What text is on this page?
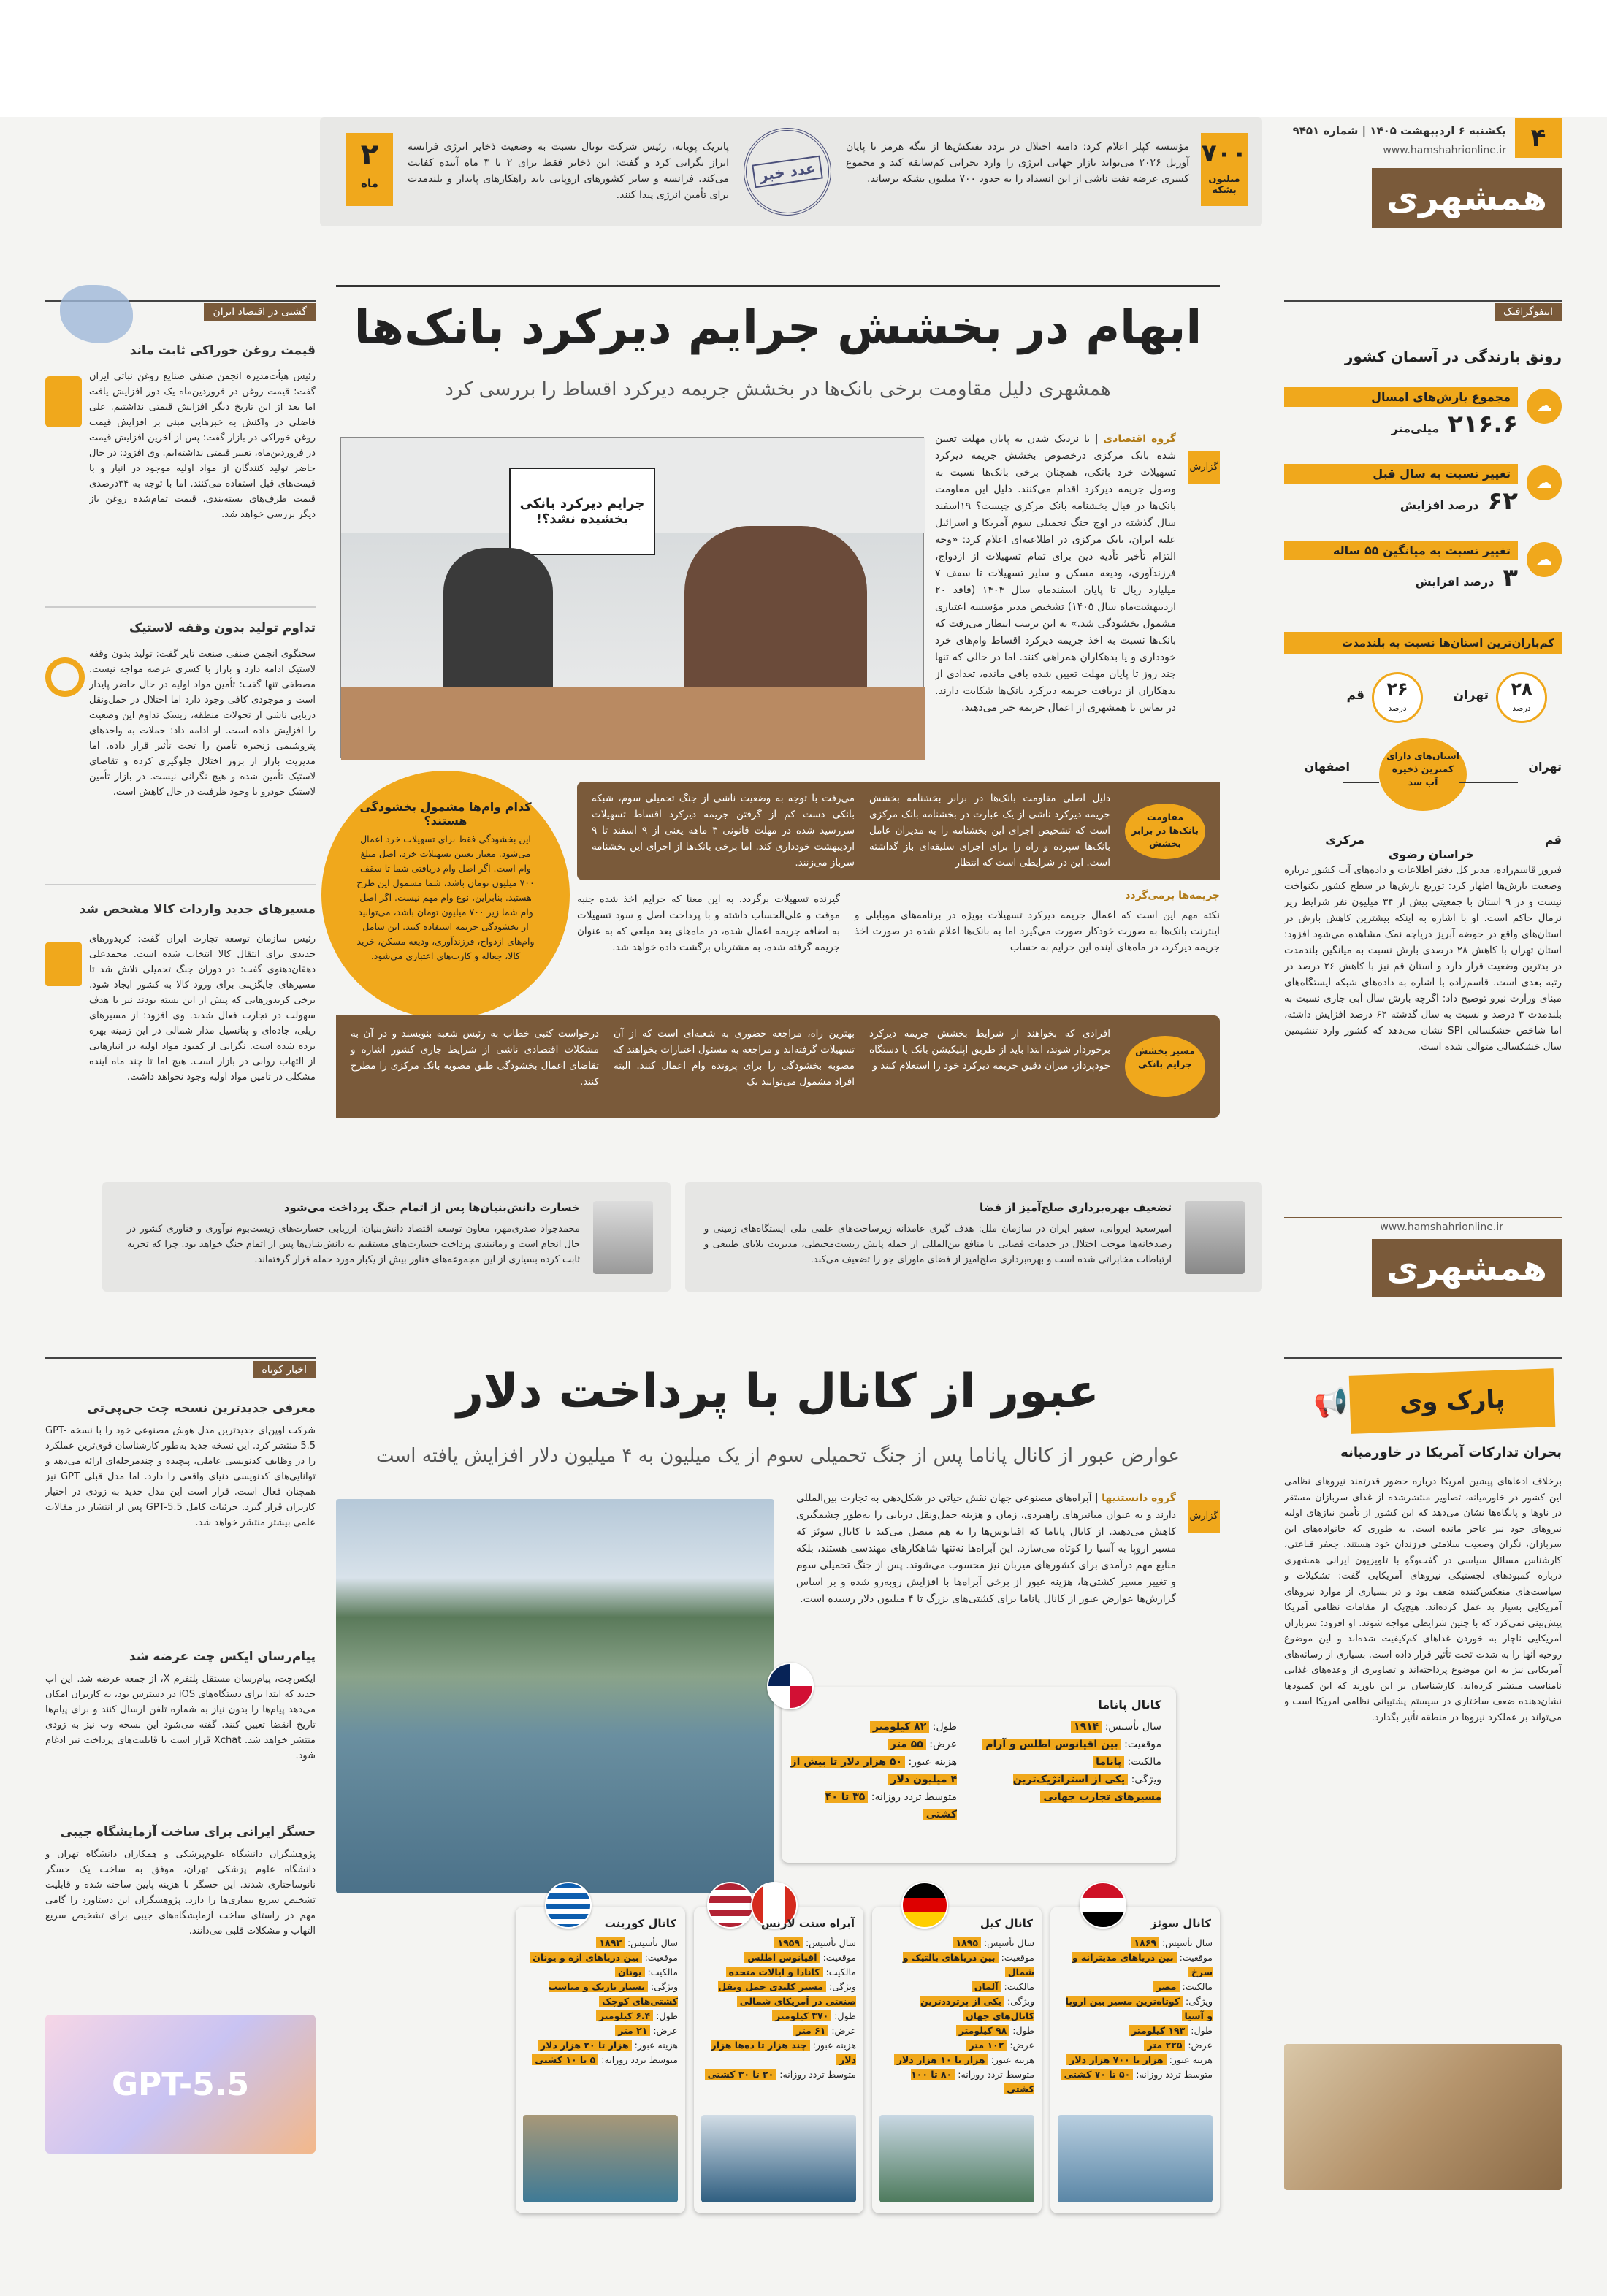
۴
یکشنبه ۶ اردیبهشت ۱۴۰۵ | شماره ۹۴۵۱
www.hamshahrionline.ir
همشهری
۷۰۰
میلیون بشکه
مؤسسه کپلر اعلام کرد: دامنه اختلال در تردد نفتکش‌ها از تنگه هرمز تا پایان آوریل ۲۰۲۶ می‌تواند بازار جهانی انرژی را وارد بحرانی کم‌سابقه کند و مجموع کسری عرضه نفت ناشی از این انسداد را به حدود ۷۰۰ میلیون بشکه برساند.
عدد خبر
پاتریک پویانه، رئیس شرکت توتال نسبت به وضعیت ذخایر انرژی فرانسه ابراز نگرانی کرد و گفت: این ذخایر فقط برای ۲ تا ۳ ماه آینده کفایت می‌کند. فرانسه و سایر کشورهای اروپایی باید راهکارهای پایدار و بلندمدت برای تأمین انرژی پیدا کنند.
۲
ماه
گشتی در اقتصاد ایران
قیمت روغن خوراکی ثابت ماند
رئیس هیأت‌مدیره انجمن صنفی صنایع روغن نباتی ایران گفت: قیمت روغن در فروردین‌ماه یک دور افزایش یافت اما بعد از این تاریخ دیگر افزایش قیمتی نداشتیم. علی فاضلی در واکنش به خبرهایی مبنی بر افزایش قیمت روغن خوراکی در بازار گفت: پس از آخرین افزایش قیمت در فروردین‌ماه، تغییر قیمتی نداشته‌ایم. وی افزود: در حال حاضر تولید کنندگان از مواد اولیه موجود در انبار و با قیمت‌های قبل استفاده می‌کنند. اما با توجه به ۳۴درصدی قیمت ظرف‌های بسته‌بندی، قیمت تمام‌شده روغن باز دیگر بررسی خواهد شد.
تداوم تولید بدون وقفه لاستیک
سخنگوی انجمن صنفی صنعت تایر گفت: تولید بدون وقفه لاستیک ادامه دارد و بازار با کسری عرضه مواجه نیست. مصطفی تنها گفت: تأمین مواد اولیه در حال حاضر پایدار است و موجودی کافی وجود دارد اما اختلال در حمل‌ونقل دریایی ناشی از تحولات منطقه، ریسک تداوم این وضعیت را افزایش داده است. او ادامه داد: حملات به واحدهای پتروشیمی زنجیره تأمین را تحت تأثیر قرار داده. اما مدیریت بازار از بروز اختلال جلوگیری کرده و تقاضای لاستیک تأمین شده و هیچ نگرانی نیست. در بازار تأمین لاستیک خودرو با وجود ظرفیت در حال کاهش است.
مسیرهای جدید واردات کالا مشخص شد
رئیس سازمان توسعه تجارت ایران گفت: کریدورهای جدیدی برای انتقال کالا انتخاب شده است. محمدعلی دهقان‌دهنوی گفت: در دوران جنگ تحمیلی تلاش شد تا مسیرهای جایگزینی برای ورود کالا به کشور ایجاد شود. برخی کریدورهایی که پیش از این بسته بودند نیز با هدف سهولت در تجارت فعال شدند. وی افزود: از مسیرهای ریلی، جاده‌ای و پتانسیل مدار شمالی در این زمینه بهره برده شده است. نگرانی از کمبود مواد اولیه در انبارهایی از التهاب روانی در بازار است. هیچ اما تا چند ماه آینده مشکلی در تامین مواد اولیه وجود نخواهد داشت.
ابهام در بخشش جرایم دیرکرد بانک‌ها
همشهری دلیل مقاومت برخی بانک‌ها در بخشش جریمه دیرکرد اقساط را بررسی کرد
گزارش
گروه اقتصادی | با نزدیک شدن به پایان مهلت تعیین شده بانک مرکزی درخصوص بخشش جریمه دیرکرد تسهیلات خرد بانکی، همچنان برخی بانک‌ها نسبت به وصول جریمه دیرکرد اقدام می‌کنند. دلیل این مقاومت بانک‌ها در قبال بخشنامه بانک مرکزی چیست؟ ۱۹اسفند سال گذشته در اوج جنگ تحمیلی سوم آمریکا و اسرائیل علیه ایران، بانک مرکزی در اطلاعیه‌ای اعلام کرد: «وجه التزام تأخیر تأدیه دین برای تمام تسهیلات از ازدواج، فرزندآوری، ودیعه مسکن و سایر تسهیلات تا سقف ۷ میلیارد ریال تا پایان اسفندماه سال ۱۴۰۴ (فاقد ۲۰ اردیبهشت‌ماه سال ۱۴۰۵) تشخیص مدیر مؤسسه اعتباری مشمول بخشودگی شد.» به این ترتیب انتظار می‌رفت که بانک‌ها نسبت به اخذ جریمه دیرکرد اقساط وام‌های خرد خودداری و یا بدهکاران همراهی کنند. اما در حالی که تنها چند روز تا پایان مهلت تعیین شده باقی مانده، تعدادی از بدهکاران از دریافت جریمه دیرکرد بانک‌ها شکایت دارند. در تماس با همشهری از اعمال جریمه خبر می‌دهند.
جرایم دیرکرد بانکی بخشیده نشد؟!
کدام وام‌ها مشمول بخشودگی هستند؟
این بخشودگی فقط برای تسهیلات خرد اعمال می‌شود. معیار تعیین تسهیلات خرد، اصل مبلغ وام است. اگر اصل وام دریافتی شما تا سقف ۷۰۰ میلیون تومان باشد، شما مشمول این طرح هستید. بنابراین، نوع وام مهم نیست. اگر اصل وام شما زیر ۷۰۰ میلیون تومان باشد، می‌توانید از بخشودگی جریمه استفاده کنید. این شامل وام‌های ازدواج، فرزندآوری، ودیعه مسکن، خرید کالا، جعاله و کارت‌های اعتباری می‌شود.
مقاومت بانک‌ها در برابر بخشش
دلیل اصلی مقاومت بانک‌ها در برابر بخشنامه بخشش جریمه دیرکرد ناشی از یک عبارت در بخشنامه بانک مرکزی است که تشخیص اجرای این بخشنامه را به مدیران عامل بانک‌ها سپرده و راه را برای اجرای سلیقه‌ای باز گذاشته است. این در شرایطی است که انتظار
می‌رفت با توجه به وضعیت ناشی از جنگ تحمیلی سوم، شبکه بانکی دست کم از گرفتن جریمه دیرکرد اقساط تسهیلات سررسید شده در مهلت قانونی ۳ ماهه یعنی از ۹ اسفند تا ۹ اردیبهشت خودداری کند. اما برخی بانک‌ها از اجرای این بخشنامه سرباز می‌زنند.
گیرنده تسهیلات برگردد. به این معنا که جرایم اخذ شده جنبه موقت و علی‌الحساب داشته و با پرداخت اصل و سود تسهیلات به اضافه جریمه اعمال شده، در ماه‌های بعد مبلغی که به عنوان جریمه گرفته شده، به مشتریان برگشت داده خواهد شد.
جریمه‌ها برمی‌گردد
نکته مهم این است که اعمال جریمه دیرکرد تسهیلات بویژه در برنامه‌های موبایلی و اینترنت بانک‌ها به صورت خودکار صورت می‌گیرد اما به بانک‌ها اعلام شده در صورت اخذ جریمه دیرکرد، در ماه‌های آینده این جرایم به حساب
مسیر بخشش جرایم بانکی
افرادی که بخواهند از شرایط بخشش جریمه دیرکرد برخوردار شوند، ابتدا باید از طریق اپلیکیشن بانک یا دستگاه خودپرداز، میزان دقیق جریمه دیرکرد خود را استعلام کنند و
بهترین راه، مراجعه حضوری به شعبه‌ای است که از آن تسهیلات گرفته‌اند و مراجعه به مسئول اعتبارات بخواهند که مصوبه بخشودگی را برای پرونده وام اعمال کنند. البته افراد مشمول می‌توانند یک
درخواست کتبی خطاب به رئیس شعبه بنویسند و در آن به مشکلات اقتصادی ناشی از شرایط جاری کشور اشاره و تقاضای اعمال بخشودگی طبق مصوبه بانک مرکزی را مطرح کنند.
اینفوگرافیک
رونق بارندگی در آسمان کشور
مجموع بارش‌های امسال
۲۱۶.۶ میلی‌متر
☁
تغییر نسبت به سال قبل
۶۲ درصد افزایش
☁
تغییر نسبت به میانگین ۵۵ ساله
۳ درصد افزایش
☁
کم‌باران‌ترین استان‌ها نسبت به بلندمدت
۲۸
درصد
تهران
۲۶
درصد
قم
استان‌های دارای کمترین ذخیره آب سد
تهران
اصفهان
خراسان رضوی
مرکزی	قم
فیروز قاسم‌زاده، مدیر کل دفتر اطلاعات و داده‌های آب کشور درباره وضعیت بارش‌ها اظهار کرد: توزیع بارش‌ها در سطح کشور یکنواخت نیست و در ۹ استان با جمعیتی بیش از ۳۴ میلیون نفر شرایط زیر نرمال حاکم است. او با اشاره به اینکه بیشترین کاهش بارش در استان‌های واقع در حوضه آبریز دریاچه نمک مشاهده می‌شود افزود: استان تهران با کاهش ۲۸ درصدی بارش نسبت به میانگین بلندمدت در بدترین وضعیت قرار دارد و استان قم نیز با کاهش ۲۶ درصد در رتبه بعدی است. قاسم‌زاده با اشاره به داده‌های شبکه ایستگاه‌های مبنای وزارت نیرو توضیح داد: اگرچه بارش سال آبی جاری نسبت به بلندمدت ۳ درصد و نسبت به سال گذشته ۶۲ درصد افزایش داشته، اما شاخص خشکسالی SPI نشان می‌دهد که کشور وارد تنشیمین سال خشکسالی متوالی شده است.
www.hamshahrionline.ir
همشهری
تضعیف بهره‌برداری صلح‌آمیز از فضا
امیرسعید ایروانی، سفیر ایران در سازمان ملل: هدف گیری عامدانه زیرساخت‌های علمی ملی ایستگاه‌های زمینی و رصدخانه‌ها موجب اختلال در خدمات فضایی با منافع بین‌المللی از جمله پایش زیست‌محیطی، مدیریت بلایای طبیعی و ارتباطات مخابراتی شده است و بهره‌برداری صلح‌آمیز از فضای ماورای جو را تضعیف می‌کند.
خسارت دانش‌بنیان‌ها پس از اتمام جنگ پرداخت می‌شود
محمدجواد صدری‌مهر، معاون توسعه اقتصاد دانش‌بنیان: ارزیابی خسارت‌های زیست‌بوم نوآوری و فناوری کشور در حال انجام است و زمانبندی پرداخت خسارت‌های مستقیم به دانش‌بنیان‌ها پس از اتمام جنگ خواهد بود. چرا که تجربه ثابت کرده بسیاری از این مجموعه‌های فناور بیش از یکبار مورد حمله قرار گرفته‌اند.
اخبار کوتاه
معرفی جدیدترین نسخه چت جی‌پی‌تی
شرکت اوپن‌ای جدیدترین مدل هوش مصنوعی خود را با نسخه GPT-5.5 منتشر کرد. این نسخه جدید به‌طور کارشناسان قوی‌ترین عملکرد را در وظایف کدنویسی عاملی، پیچیده و چندمرحله‌ای ارائه می‌دهد و توانایی‌های کدنویسی دنیای واقعی را دارد. اما مدل قبلی GPT نیز همچنان فعال است. قرار است این مدل جدید به زودی در اختیار کاربران قرار گیرد. جزئیات کامل GPT-5.5 پس از انتشار در مقالات علمی بیشتر منتشر خواهد شد.
پیام‌رسان ایکس چت عرضه شد
ایکس‌چت، پیام‌رسان مستقل پلتفرم X، از جمعه عرضه شد. این اپ جدید که ابتدا برای دستگاه‌های iOS در دسترس بود، به کاربران امکان می‌دهد پیام‌ها را بدون نیاز به شماره تلفن ارسال کنند و برای پیام‌ها تاریخ انقضا تعیین کنند. گفته می‌شود این نسخه وب نیز به زودی منتشر خواهد شد. Xchat قرار است با قابلیت‌های پرداخت نیز ادغام شود.
حسگر ایرانی برای ساخت آزمایشگاه جیبی
پژوهشگران دانشگاه علوم‌پزشکی و همکاران دانشگاه تهران و دانشگاه علوم پزشکی تهران، موفق به ساخت یک حسگر نانوساختاری شدند. این حسگر با هزینه پایین ساخته شده و قابلیت تشخیص سریع بیماری‌ها را دارد. پژوهشگران این دستاورد را گامی مهم در راستای ساخت آزمایشگاه‌های جیبی برای تشخیص سریع التهاب و مشکلات قلبی می‌دانند.
GPT-5.5
عبور از کانال با پرداخت دلار
عوارض عبور از کانال پاناما پس از جنگ تحمیلی سوم از یک میلیون به ۴ میلیون دلار افزایش یافته است
گزارش
گروه دانستنیها | آبراه‌های مصنوعی جهان نقش حیاتی در شکل‌دهی به تجارت بین‌المللی دارند و به عنوان میانبرهای راهبردی، زمان و هزینه حمل‌ونقل دریایی را به‌طور چشمگیری کاهش می‌دهند. از کانال پاناما که اقیانوس‌ها را به هم متصل می‌کند تا کانال سوئز که مسیر اروپا به آسیا را کوتاه می‌سازد. این آبراه‌ها نه‌تنها شاهکارهای مهندسی هستند، بلکه منابع مهم درآمدی برای کشورهای میزبان نیز محسوب می‌شوند. پس از جنگ تحمیلی سوم و تغییر مسیر کشتی‌ها، هزینه عبور از برخی آبراه‌ها با افزایش روبه‌رو شده و بر اساس گزارش‌ها عوارض عبور از کانال پاناما برای کشتی‌های بزرگ تا ۴ میلیون دلار رسیده است.
کانال پاناما
سال تأسیس: ۱۹۱۴
موقعیت: بین اقیانوس اطلس و آرام
مالکیت: پاناما
ویژگی: یکی از استراتژیک‌ترین مسیرهای تجارت جهانی
طول: ۸۲ کیلومتر
عرض: ۵۵ متر
هزینه عبور: ۵۰ هزار دلار تا بیش از ۴ میلیون دلار
متوسط تردد روزانه: ۳۵ تا ۴۰ کشتی
کانال سوئز
سال تأسیس: ۱۸۶۹
موقعیت: بین دریاهای مدیترانه و سرخ
مالکیت: مصر
ویژگی: کوتاه‌ترین مسیر بین اروپا و آسیا
طول: ۱۹۳ کیلومتر
عرض: ۲۲۵ متر
هزینه عبور: هزار تا ۷۰۰ هزار دلار
متوسط تردد روزانه: ۵۰ تا ۷۰ کشتی
کانال کیل
سال تأسیس: ۱۸۹۵
موقعیت: بین دریاهای بالتیک و شمال
مالکیت: آلمان
ویژگی: یکی از پرترددترین کانال‌های جهان
طول: ۹۸ کیلومتر
عرض: ۱۰۲ متر
هزینه عبور: هزار تا ۱۰ هزار دلار
متوسط تردد روزانه: ۸۰ تا ۱۰۰ کشتی
آبراه سنت لارنس
سال تأسیس: ۱۹۵۹
موقعیت: اقیانوس اطلس
مالکیت: کانادا و ایالات متحده
ویژگی: مسیر کلیدی حمل ونقل صنعتی در آمریکای شمالی
طول: ۳۷۰ کیلومتر
عرض: ۶۱ متر
هزینه عبور: چند هزار تا ده‌ها هزار دلار
متوسط تردد روزانه: ۲۰ تا ۳۰ کشتی
کانال کورینت
سال تأسیس: ۱۸۹۳
موقعیت: بین دریاهای ازه و یونان
مالکیت: یونان
ویژگی: بسیار باریک و مناسب کشتی‌های کوچک
طول: ۶.۴ کیلومتر
عرض: ۲۱ متر
هزینه عبور: هزار تا ۲۰ هزار دلار
متوسط تردد روزانه: ۵ تا ۱۰ کشتی
پارک وی
📢
بحران تدارکات آمریکا در خاورمیانه
برخلاف ادعاهای پیشین آمریکا درباره حضور قدرتمند نیروهای نظامی این کشور در خاورمیانه، تصاویر منتشرشده از غذای سربازان مستقر در ناوها و پایگاه‌ها نشان می‌دهد که این کشور از تأمین نیازهای اولیه نیروهای خود نیز عاجز مانده است. به طوری که خانواده‌های این سربازان، نگران وضعیت سلامتی فرزندان خود هستند. جعفر قناعتی، کارشناس مسائل سیاسی در گفت‌وگو با تلویزیون ایرانی همشهری درباره کمبودهای لجستیکی نیروهای آمریکایی گفت: تشکیلات و سیاست‌های منعکس‌کننده ضعف بود و در بسیاری از موارد نیروهای آمریکایی بسیار بد عمل کرده‌اند. هیچ‌یک از مقامات نظامی آمریکا پیش‌بینی نمی‌کرد که با چنین شرایطی مواجه شوند. او افزود: سربازان آمریکایی ناچار به خوردن غذاهای کم‌کیفیت شده‌اند و این موضوع روحیه آنها را به شدت تحت تأثیر قرار داده است. بسیاری از رسانه‌های آمریکایی نیز به این موضوع پرداخته‌اند و تصاویری از وعده‌های غذایی نامناسب منتشر کرده‌اند. کارشناسان بر این باورند که این کمبودها نشان‌دهنده ضعف ساختاری در سیستم پشتیبانی نظامی آمریکا است و می‌تواند بر عملکرد نیروها در منطقه تأثیر بگذارد.
